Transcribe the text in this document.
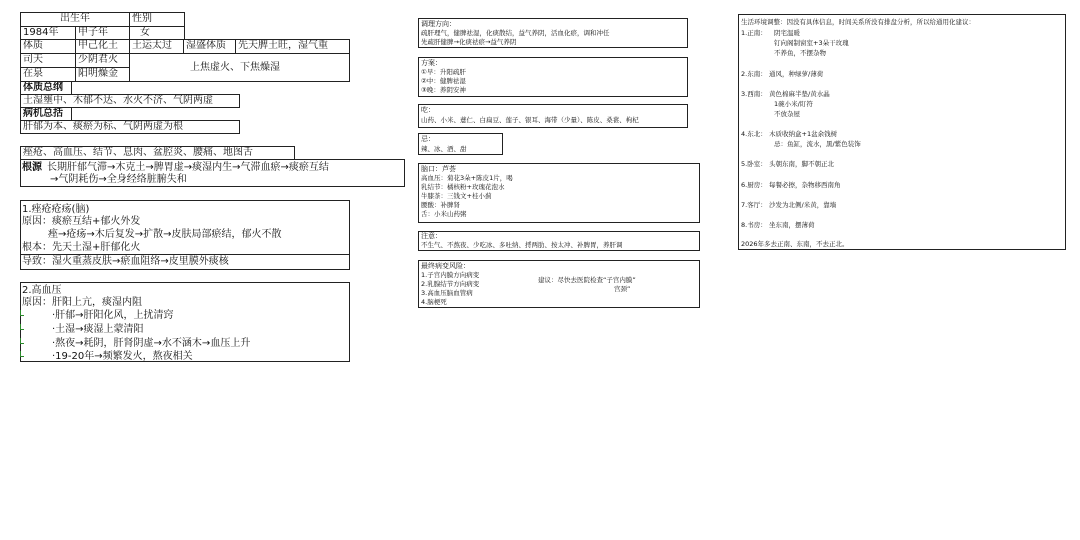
出生年	性别
1984年	甲子年	女
体质	甲己化土	土运太过	湿盛体质	先天脾土旺，湿气重
司天	少阴君火
在泉	阳明燥金
上焦虚火、下焦燥湿
体质总纲
土湿壅中、木郁不达、水火不济、气阴两虚
病机总括
肝郁为本、痰瘀为标、气阴两虚为根
痤疮、高血压、结节、息肉、盆腔炎、腰痛、地图舌
根源 长期肝郁气滞→木克土→脾胃虚→痰湿内生→气滞血瘀→痰瘀互结
→气阴耗伤→全身经络脏腑失和
1.痤疮疮疡(脑)
原因：痰瘀互结+郁火外发
痤→疮疡→木后复发→扩散→皮肤局部瘀结，郁火不散
根本：先天土湿+肝郁化火
导致：湿火重蒸皮肤→瘀血阻络→皮里膜外痰核
2.高血压
原因：肝阳上亢，痰湿内阻
·肝郁→肝阳化风，上扰清窍
·土湿→痰湿上蒙清阳
·熬夜→耗阴，肝肾阴虚→水不涵木→血压上升
·19-20年→频繁发火，熬夜相关
调理方向：
疏肝理气，健脾祛湿，化痰散结，益气养阴，活血化瘀，调和冲任
先疏肝健脾→化痰祛瘀→益气养阴
方案：
①早：升阳疏肝
②中：健脾祛湿
③晚：养阴安神
吃：
山药、小米、薏仁、白扁豆、莲子、银耳、海带（少量）、陈皮、桑葚、枸杞
忌：
辣、冰、酒、甜
脑口：芦荟
高血压：菊花3朵+陈皮1片，喝
乳结节：橘核粉+玫瑰花泡水
牛膝茶：三钱文+桂小蓟
腰酸：补脾肾
舌：小米山药粥
注意：
不生气、不熬夜、少吃冰、多吐纳、捋两肋、按太冲、补脾胃，养肝调
最终病变风险：
1.子宫内膜方向病变
2.乳腺结节方向病变
3.高血压脑血管病
4.脑梗死
建议：尽快去医院检查“子宫内膜”
宫颈”
生活环境调整：因没有具体信息，时间关系所没有排盘分析，所以给通用化建议：
1.正南： 阴宅温暖
钉向阁制窗室+3朵干玫瑰
不养鱼，不摆杂物
2.东南： 通风，种绿萝/薄荷
3.西南： 黄色棉麻半垫/黄水晶
1碗小米/盯符
不放杂屋
4.东北： 木质收纳盒+1盆余钱树
忌：鱼缸，流水，黑/紫色装饰
5.卧室： 头朝东南，脚不朝正北
6.厨房： 每餐必擦，杂物移西南角
7.客厅： 沙发为北侧/米黄，靠墙
8.书房： 坐东南，摆薄荷
2026年多去正南、东南，不去正北。
